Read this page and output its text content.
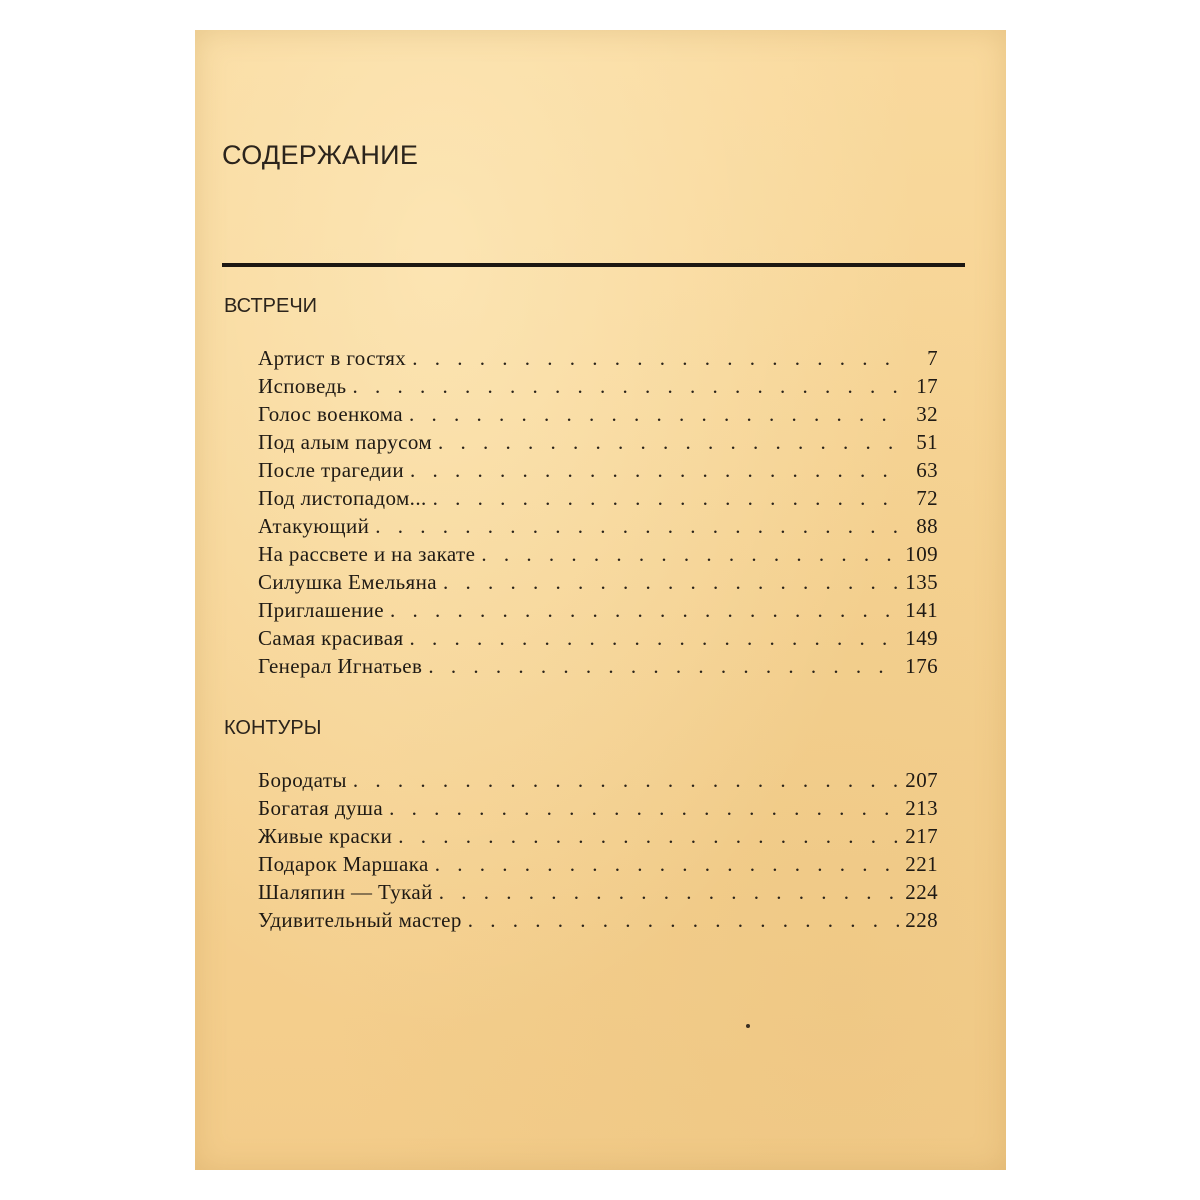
СОДЕРЖАНИЕ
ВСТРЕЧИ
Артист в гостях . . .	7
Исповедь . . .	17
Голос военкома . . .	32
Под алым парусом . . .	51
После трагедии . . .	63
Под листопадом... . . .	72
Атакующий . . .	88
На рассвете и на закате . . .	109
Силушка Емельяна . . .	135
Приглашение . . .	141
Самая красивая . . .	149
Генерал Игнатьев . . .	176
КОНТУРЫ
Бородаты . . .	207
Богатая душа . . .	213
Живые краски . . .	217
Подарок Маршака . . .	221
Шаляпин — Тукай . . .	224
Удивительный мастер . . .	228
